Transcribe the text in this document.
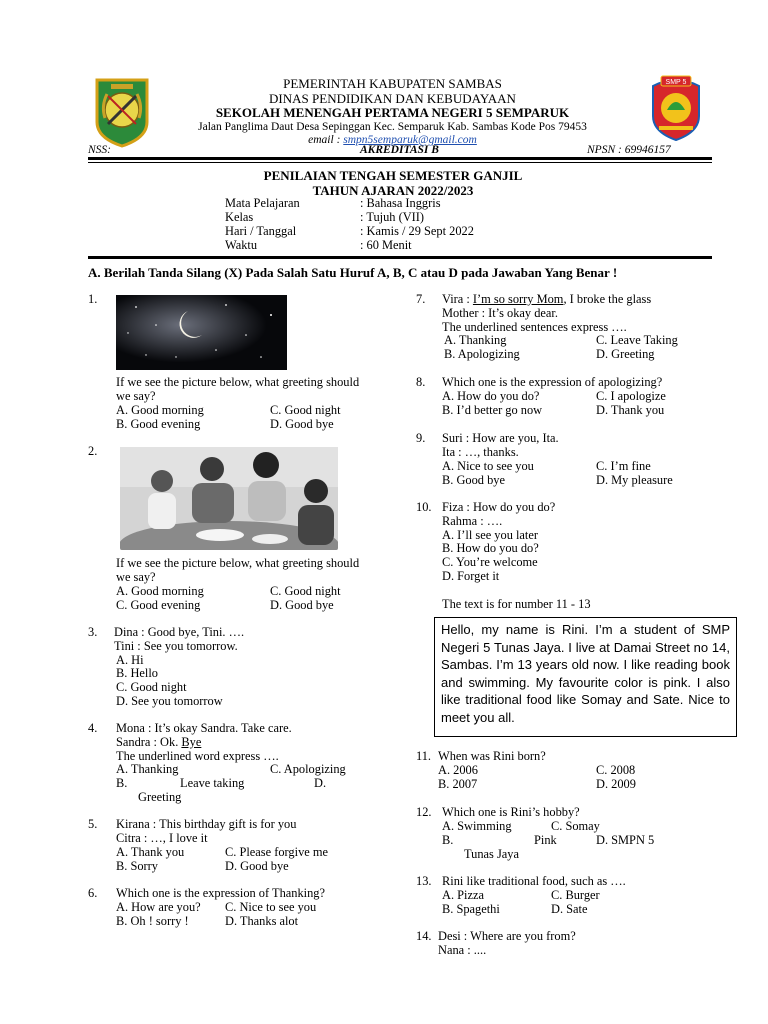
SMP 5
PEMERINTAH KABUPATEN SAMBAS
DINAS PENDIDIKAN DAN KEBUDAYAAN
SEKOLAH MENENGAH PERTAMA NEGERI 5 SEMPARUK
Jalan Panglima Daut Desa Sepinggan Kec. Semparuk Kab. Sambas Kode Pos 79453
email : smpn5semparuk@gmail.com
NSS:	AKREDITASI B	NPSN : 69946157
PENILAIAN TENGAH SEMESTER GANJIL
TAHUN AJARAN 2022/2023
Mata Pelajaran	: Bahasa Inggris
Kelas	: Tujuh (VII)
Hari / Tanggal	: Kamis / 29 Sept 2022
Waktu	: 60 Menit
A. Berilah Tanda Silang (X) Pada Salah Satu Huruf A, B, C atau D pada Jawaban Yang Benar !
1.
If we see the picture below, what greeting should we say?
A. Good morning	C. Good night
B. Good evening	D. Good bye
2.
If we see the picture below, what greeting should we say?
A. Good morning	C. Good night
C. Good evening	D. Good bye
3. Dina : Good bye, Tini. ….
Tini : See you tomorrow.
A. Hi
B. Hello
C. Good night
D. See you tomorrow
4. Mona : It’s okay Sandra. Take care.
Sandra : Ok. Bye
The underlined word express ….
A. Thanking	C. Apologizing
B.	Leave taking	D.
Greeting
5. Kirana : This birthday gift is for you
Citra : …, I love it
A. Thank you	C. Please forgive me
B. Sorry	D. Good bye
6. Which one is the expression of Thanking?
A. How are you? C. Nice to see you
B. Oh ! sorry !	D. Thanks alot
7. Vira : I’m so sorry Mom, I broke the glass
Mother : It’s okay dear.
The underlined sentences express ….
A. Thanking	C. Leave Taking
B. Apologizing	D. Greeting
8. Which one is the expression of apologizing?
A. How do you do?	C. I apologize
B. I’d better go now	D. Thank you
9. Suri : How are you, Ita.
Ita : …, thanks.
A. Nice to see you	C. I’m fine
B. Good bye	D. My pleasure
10. Fiza : How do you do?
Rahma : ….
A. I’ll see you later
B. How do you do?
C. You’re welcome
D. Forget it
The text is for number 11 - 13
Hello, my name is Rini. I’m a student of SMP Negeri 5 Tunas Jaya. I live at Damai Street no 14, Sambas. I’m 13 years old now. I like reading book and swimming. My favourite color is pink. I also like traditional food like Somay and Sate. Nice to meet you all.
11. When was Rini born?
A. 2006	C. 2008
B. 2007	D. 2009
12. Which one is Rini’s hobby?
A. Swimming	C. Somay
B.	Pink	D. SMPN 5
Tunas Jaya
13. Rini like traditional food, such as ….
A. Pizza	C. Burger
B. Spagethi	D. Sate
14. Desi : Where are you from?
Nana : ....
